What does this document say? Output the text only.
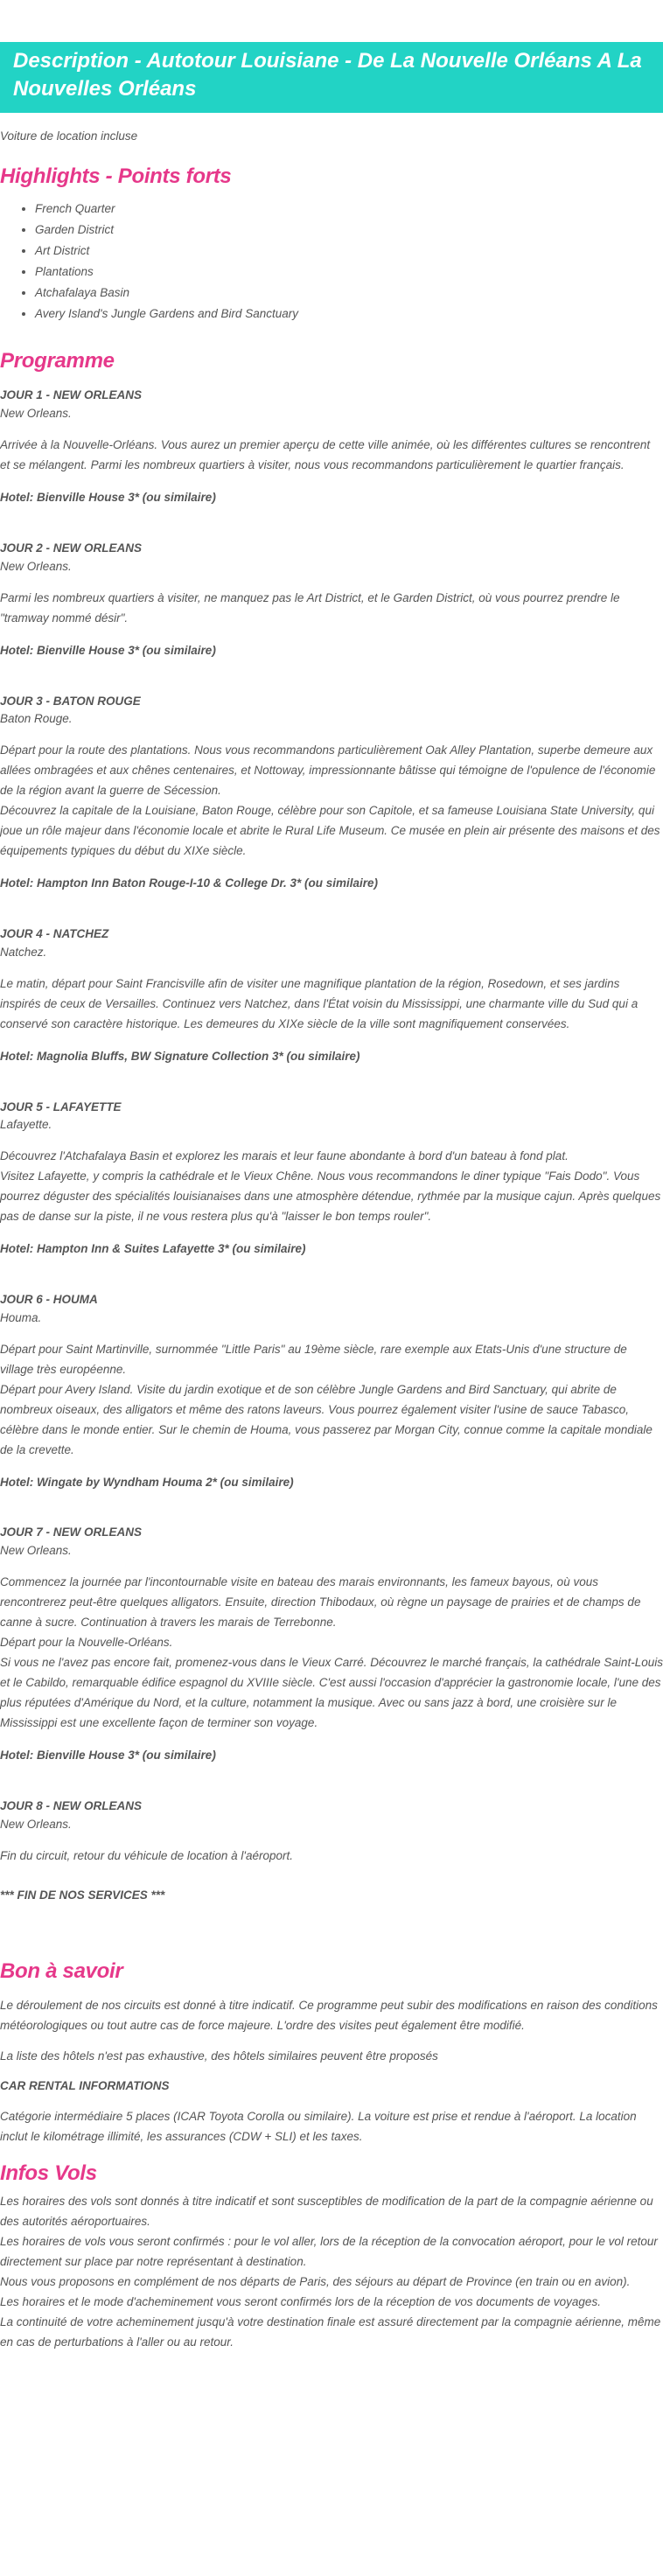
Description - Autotour Louisiane - De La Nouvelle Orléans A La Nouvelles Orléans
Voiture de location incluse
Highlights - Points forts
• French Quarter
• Garden District
• Art District
• Plantations
• Atchafalaya Basin
• Avery Island's Jungle Gardens and Bird Sanctuary
Programme
JOUR 1 - NEW ORLEANS
New Orleans.

Arrivée à la Nouvelle-Orléans. Vous aurez un premier aperçu de cette ville animée, où les différentes cultures se rencontrent et se mélangent. Parmi les nombreux quartiers à visiter, nous vous recommandons particulièrement le quartier français.

Hotel: Bienville House 3* (ou similaire)
JOUR 2 - NEW ORLEANS
New Orleans.

Parmi les nombreux quartiers à visiter, ne manquez pas le Art District, et le Garden District, où vous pourrez prendre le "tramway nommé désir".

Hotel: Bienville House 3* (ou similaire)
JOUR 3 - BATON ROUGE
Baton Rouge.

Départ pour la route des plantations. Nous vous recommandons particulièrement Oak Alley Plantation, superbe demeure aux allées ombragées et aux chênes centenaires, et Nottoway, impressionnante bâtisse qui témoigne de l'opulence de l'économie de la région avant la guerre de Sécession.

Découvrez la capitale de la Louisiane, Baton Rouge, célèbre pour son Capitole, et sa fameuse Louisiana State University, qui joue un rôle majeur dans l'économie locale et abrite le Rural Life Museum. Ce musée en plein air présente des maisons et des équipements typiques du début du XIXe siècle.

Hotel: Hampton Inn Baton Rouge-I-10 & College Dr. 3* (ou similaire)
JOUR 4 - NATCHEZ
Natchez.

Le matin, départ pour Saint Francisville afin de visiter une magnifique plantation de la région, Rosedown, et ses jardins inspirés de ceux de Versailles. Continuez vers Natchez, dans l'État voisin du Mississippi, une charmante ville du Sud qui a conservé son caractère historique. Les demeures du XIXe siècle de la ville sont magnifiquement conservées.

Hotel: Magnolia Bluffs, BW Signature Collection 3* (ou similaire)
JOUR 5 - LAFAYETTE
Lafayette.

Découvrez l'Atchafalaya Basin et explorez les marais et leur faune abondante à bord d'un bateau à fond plat.

Visitez Lafayette, y compris la cathédrale et le Vieux Chêne. Nous vous recommandons le diner typique "Fais Dodo". Vous pourrez déguster des spécialités louisianaises dans une atmosphère détendue, rythmée par la musique cajun. Après quelques pas de danse sur la piste, il ne vous restera plus qu'à "laisser le bon temps rouler".

Hotel: Hampton Inn & Suites Lafayette 3* (ou similaire)
JOUR 6 - HOUMA
Houma.

Départ pour Saint Martinville, surnommée "Little Paris" au 19ème siècle, rare exemple aux Etats-Unis d'une structure de village très européenne.

Départ pour Avery Island. Visite du jardin exotique et de son célèbre Jungle Gardens and Bird Sanctuary, qui abrite de nombreux oiseaux, des alligators et même des ratons laveurs. Vous pourrez également visiter l'usine de sauce Tabasco, célèbre dans le monde entier. Sur le chemin de Houma, vous passerez par Morgan City, connue comme la capitale mondiale de la crevette.

Hotel: Wingate by Wyndham Houma 2* (ou similaire)
JOUR 7 - NEW ORLEANS
New Orleans.

Commencez la journée par l'incontournable visite en bateau des marais environnants, les fameux bayous, où vous rencontrerez peut-être quelques alligators. Ensuite, direction Thibodaux, où règne un paysage de prairies et de champs de canne à sucre. Continuation à travers les marais de Terrebonne.

Départ pour la Nouvelle-Orléans.

Si vous ne l'avez pas encore fait, promenez-vous dans le Vieux Carré. Découvrez le marché français, la cathédrale Saint-Louis et le Cabildo, remarquable édifice espagnol du XVIIIe siècle. C'est aussi l'occasion d'apprécier la gastronomie locale, l'une des plus réputées d'Amérique du Nord, et la culture, notamment la musique. Avec ou sans jazz à bord, une croisière sur le Mississippi est une excellente façon de terminer son voyage.

Hotel: Bienville House 3* (ou similaire)
JOUR 8 - NEW ORLEANS
New Orleans.

Fin du circuit, retour du véhicule de location à l'aéroport.

*** FIN DE NOS SERVICES ***
Bon à savoir

Le déroulement de nos circuits est donné à titre indicatif. Ce programme peut subir des modifications en raison des conditions météorologiques ou tout autre cas de force majeure. L'ordre des visites peut également être modifié.

La liste des hôtels n'est pas exhaustive, des hôtels similaires peuvent être proposés

CAR RENTAL INFORMATIONS

Catégorie intermédiaire 5 places (ICAR Toyota Corolla ou similaire). La voiture est prise et rendue à l'aéroport. La location inclut le kilométrage illimité, les assurances (CDW + SLI) et les taxes.

Infos Vols

Les horaires des vols sont donnés à titre indicatif et sont susceptibles de modification de la part de la compagnie aérienne ou des autorités aéroportuaires.

Les horaires de vols vous seront confirmés : pour le vol aller, lors de la réception de la convocation aéroport, pour le vol retour directement sur place par notre représentant à destination.

Nous vous proposons en complément de nos départs de Paris, des séjours au départ de Province (en train ou en avion).

Les horaires et le mode d'acheminement vous seront confirmés lors de la réception de vos documents de voyages.

La continuité de votre acheminement jusqu'à votre destination finale est assuré directement par la compagnie aérienne, même en cas de perturbations à l'aller ou au retour.
